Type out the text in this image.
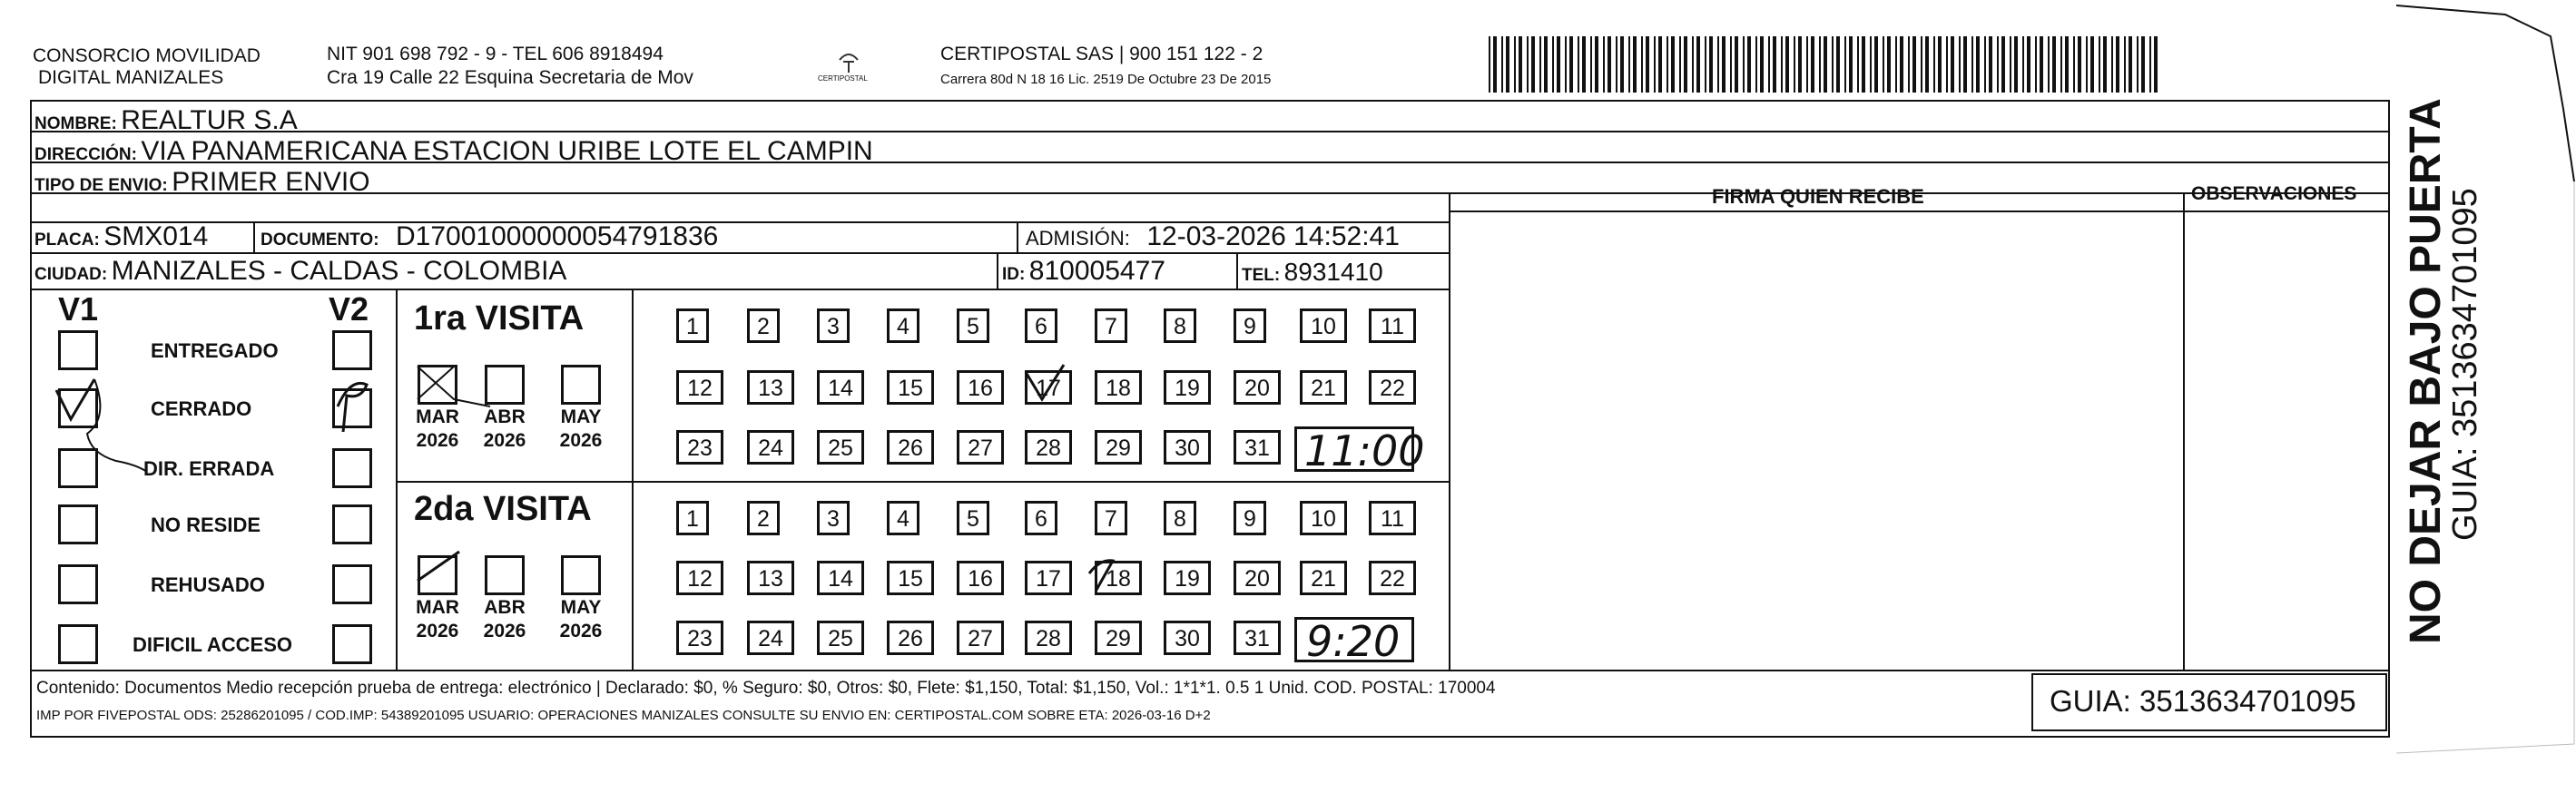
CONSORCIO MOVILIDAD
DIGITAL MANIZALES
NIT 901 698 792 - 9 - TEL 606 8918494
Cra 19 Calle 22 Esquina Secretaria de Mov	CERTIPOSTAL
CERTIPOSTAL SAS | 900 151 122 - 2
Carrera 80d N 18 16 Lic. 2519 De Octubre 23 De 2015
NOMBRE: REALTUR S.A
DIRECCIÓN: VIA PANAMERICANA ESTACION URIBE LOTE EL CAMPIN
TIPO DE ENVIO: PRIMER ENVIO	FIRMA QUIEN RECIBE	OBSERVACIONES
PLACA: SMX014	DOCUMENTO: D17001000000054791836	ADMISIÓN: 12-03-2026 14:52:41
CIUDAD: MANIZALES - CALDAS - COLOMBIA	ID: 810005477	TEL: 8931410
V1	V2
ENTREGADO
CERRADO
DIR. ERRADA
NO RESIDE
REHUSADO
DIFICIL ACCESO
1ra VISITA
2da VISITA
MAR
2026
ABR
2026
MAY
2026
MAR
2026
ABR
2026
MAY
2026
1	2	3	4	5	6	7	8	9	10	11
12	13	14	15	16	17	18	19	20	21	22
23	24	25	26	27	28	29	30	31
1	2	3	4	5	6	7	8	9	10	11
12	13	14	15	16	17	18	19	20	21	22
23	24	25	26	27	28	29	30	31
11:00
9:20
Contenido: Documentos Medio recepción prueba de entrega: electrónico | Declarado: $0, % Seguro: $0, Otros: $0, Flete: $1,150, Total: $1,150, Vol.: 1*1*1. 0.5 1 Unid. COD. POSTAL: 170004
IMP POR FIVEPOSTAL ODS: 25286201095 / COD.IMP: 54389201095 USUARIO: OPERACIONES MANIZALES CONSULTE SU ENVIO EN: CERTIPOSTAL.COM SOBRE ETA: 2026-03-16 D+2	GUIA: 3513634701095
NO DEJAR BAJO PUERTA
GUIA: 3513634701095
